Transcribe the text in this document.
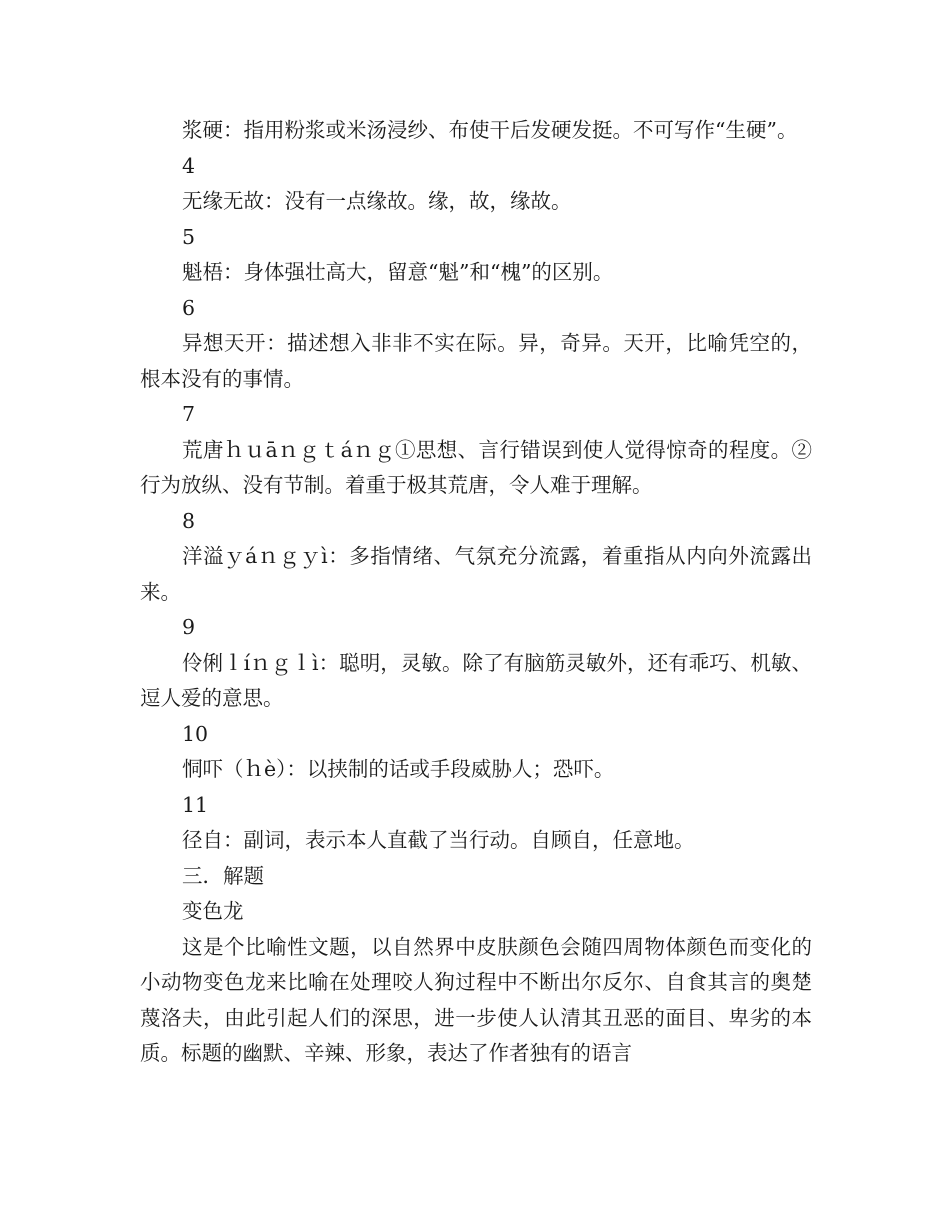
浆硬：指用粉浆或米汤浸纱、布使干后发硬发挺。不可写作“生硬”。

4

无缘无故：没有一点缘故。缘，故，缘故。

5

魁梧：身体强壮高大，留意“魁”和“槐”的区别。

6

异想天开：描述想入非非不实在际。异，奇异。天开，比喻凭空的，根本没有的事情。

7

荒唐ｈｕāｎｇｔáｎｇ①思想、言行错误到使人觉得惊奇的程度。②行为放纵、没有节制。着重于极其荒唐，令人难于理解。

8

洋溢ｙáｎｇｙì：多指情绪、气氛充分流露，着重指从内向外流露出来。

9

伶俐ｌíｎｇｌì：聪明，灵敏。除了有脑筋灵敏外，还有乖巧、机敏、逗人爱的意思。

10

恫吓（ｈè）：以挟制的话或手段威胁人；恐吓。

11

径自：副词，表示本人直截了当行动。自顾自，任意地。

三．解题

变色龙

这是个比喻性文题，以自然界中皮肤颜色会随四周物体颜色而变化的小动物变色龙来比喻在处理咬人狗过程中不断出尔反尔、自食其言的奥楚蔑洛夫，由此引起人们的深思，进一步使人认清其丑恶的面目、卑劣的本质。标题的幽默、辛辣、形象，表达了作者独有的语言
